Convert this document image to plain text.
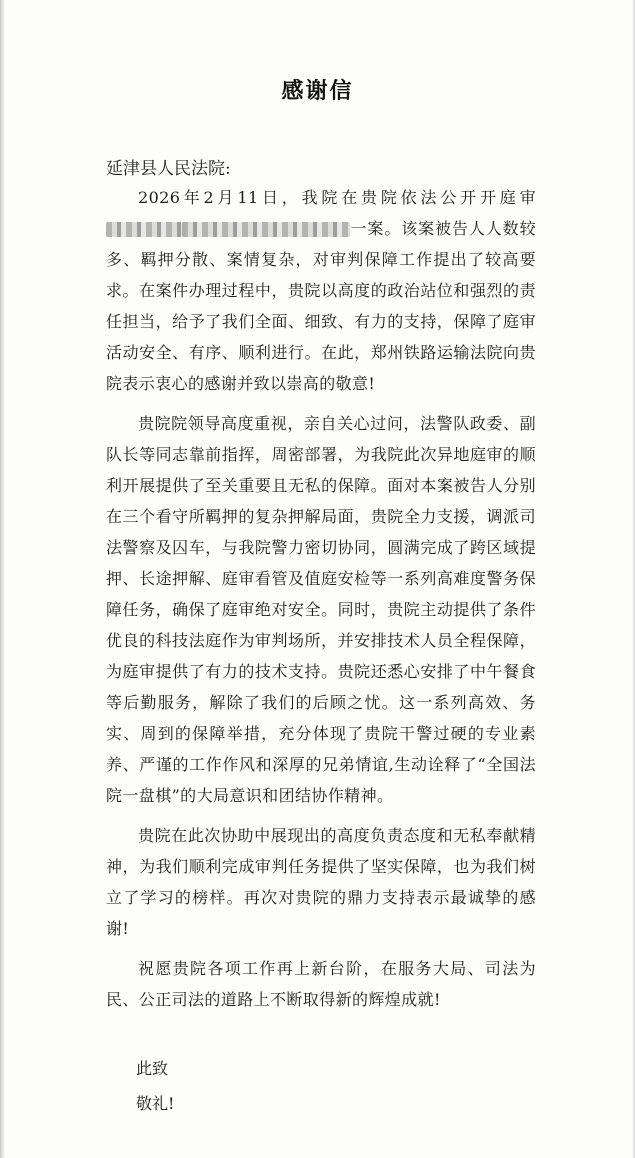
感谢信

延津县人民法院:

2026年2月11日，我院在贵院依法公开开庭审一案。该案被告人人数较多、羁押分散、案情复杂，对审判保障工作提出了较高要求。在案件办理过程中，贵院以高度的政治站位和强烈的责任担当，给予了我们全面、细致、有力的支持，保障了庭审活动安全、有序、顺利进行。在此，郑州铁路运输法院向贵院表示衷心的感谢并致以崇高的敬意!

贵院院领导高度重视，亲自关心过问，法警队政委、副队长等同志靠前指挥，周密部署，为我院此次异地庭审的顺利开展提供了至关重要且无私的保障。面对本案被告人分别在三个看守所羁押的复杂押解局面，贵院全力支援，调派司法警察及囚车，与我院警力密切协同，圆满完成了跨区域提押、长途押解、庭审看管及值庭安检等一系列高难度警务保障任务，确保了庭审绝对安全。同时，贵院主动提供了条件优良的科技法庭作为审判场所，并安排技术人员全程保障，为庭审提供了有力的技术支持。贵院还悉心安排了中午餐食等后勤服务，解除了我们的后顾之忧。这一系列高效、务实、周到的保障举措，充分体现了贵院干警过硬的专业素养、严谨的工作作风和深厚的兄弟情谊,生动诠释了“全国法院一盘棋”的大局意识和团结协作精神。

贵院在此次协助中展现出的高度负责态度和无私奉献精神，为我们顺利完成审判任务提供了坚实保障，也为我们树立了学习的榜样。再次对贵院的鼎力支持表示最诚挚的感谢!

祝愿贵院各项工作再上新台阶，在服务大局、司法为民、公正司法的道路上不断取得新的辉煌成就!

此致

敬礼!
